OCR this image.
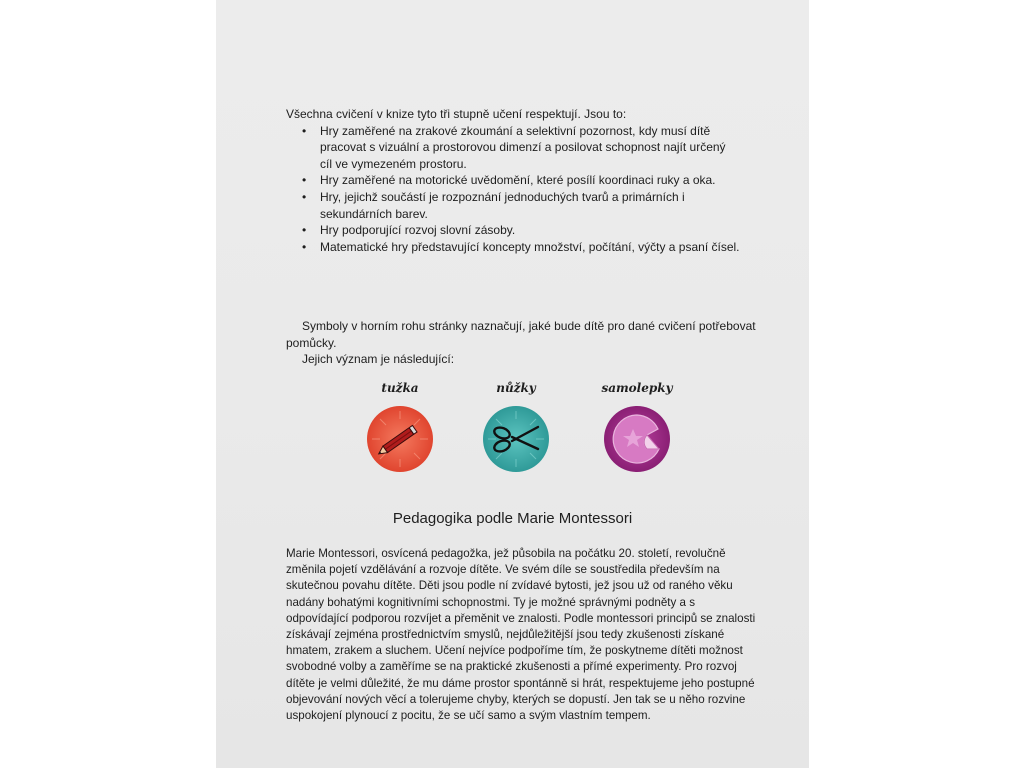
Všechna cvičení v knize tyto tři stupně učení respektují. Jsou to:

• Hry zaměřené na zrakové zkoumání a selektivní pozornost, kdy musí dítě pracovat s vizuální a prostorovou dimenzí a posilovat schopnost najít určený cíl ve vymezeném prostoru.
• Hry zaměřené na motorické uvědomění, které posílí koordinaci ruky a oka.
• Hry, jejichž součástí je rozpoznání jednoduchých tvarů a primárních i sekundárních barev.
• Hry podporující rozvoj slovní zásoby.
• Matematické hry představující koncepty množství, počítání, výčty a psaní čísel.

Symboly v horním rohu stránky naznačují, jaké bude dítě pro dané cvičení potřebovat pomůcky.

Jejich význam je následující:

tužka	nůžky	samolepky
Pedagogika podle Marie Montessori

Marie Montessori, osvícená pedagožka, jež působila na počátku 20. století, revolučně změnila pojetí vzdělávání a rozvoje dítěte. Ve svém díle se soustředila především na skutečnou povahu dítěte. Děti jsou podle ní zvídavé bytosti, jež jsou už od raného věku nadány bohatými kognitivními schopnostmi. Ty je možné správnými podněty a s odpovídající podporou rozvíjet a přeměnit ve znalosti. Podle montessori principů se znalosti získávají zejména prostřednictvím smyslů, nejdůležitější jsou tedy zkušenosti získané hmatem, zrakem a sluchem. Učení nejvíce podpoříme tím, že poskytneme dítěti možnost svobodné volby a zaměříme se na praktické zkušenosti a přímé experimenty. Pro rozvoj dítěte je velmi důležité, že mu dáme prostor spontánně si hrát, respektujeme jeho postupné objevování nových věcí a tolerujeme chyby, kterých se dopustí. Jen tak se u něho rozvine uspokojení plynoucí z pocitu, že se učí samo a svým vlastním tempem.
